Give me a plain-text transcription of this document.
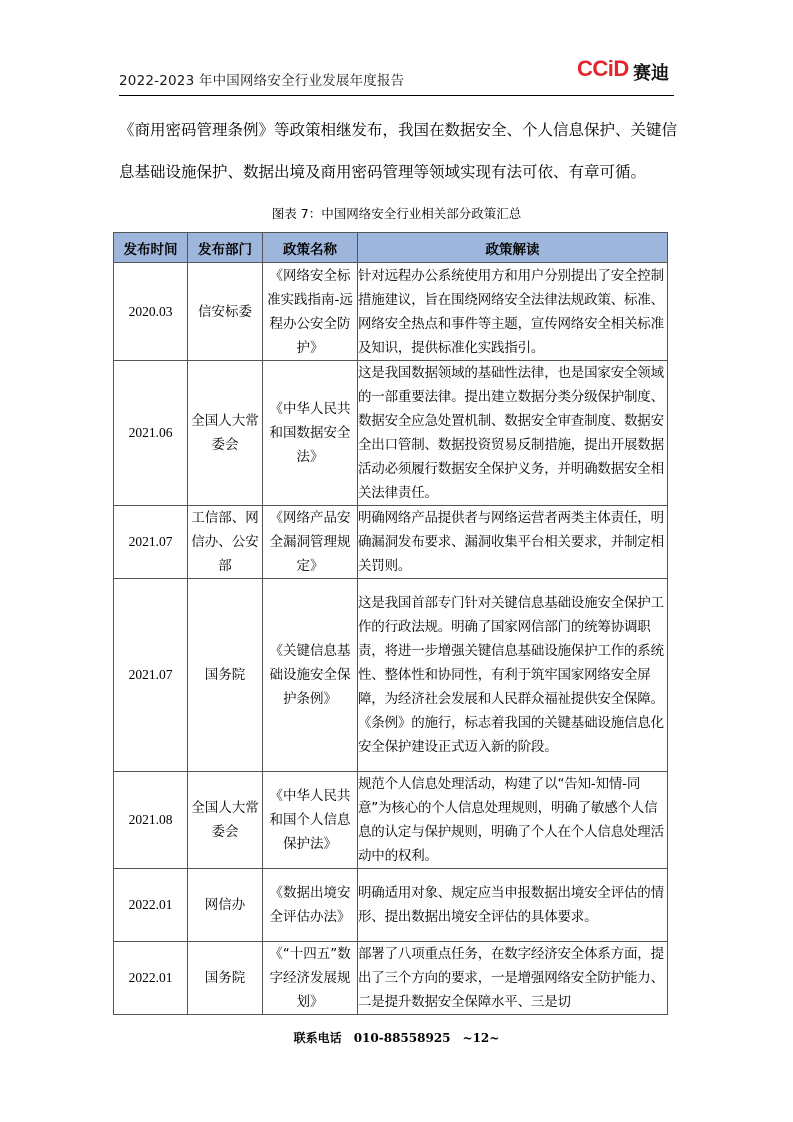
2022-2023 年中国网络安全行业发展年度报告	CCiD 赛迪
《商用密码管理条例》等政策相继发布，我国在数据安全、个人信息保护、关键信
息基础设施保护、数据出境及商用密码管理等领域实现有法可依、有章可循。
图表 7：中国网络安全行业相关部分政策汇总
发布时间	发布部门	政策名称	政策解读
2020.03	信安标委	《网络安全标准实践指南-远程办公安全防护》	针对远程办公系统使用方和用户分别提出了安全控制措施建议，旨在围绕网络安全法律法规政策、标准、网络安全热点和事件等主题，宣传网络安全相关标准及知识，提供标准化实践指引。
2021.06	全国人大常委会	《中华人民共和国数据安全法》	这是我国数据领域的基础性法律，也是国家安全领域的一部重要法律。提出建立数据分类分级保护制度、数据安全应急处置机制、数据安全审查制度、数据安全出口管制、数据投资贸易反制措施，提出开展数据活动必须履行数据安全保护义务，并明确数据安全相关法律责任。
2021.07	工信部、网信办、公安部	《网络产品安全漏洞管理规定》	明确网络产品提供者与网络运营者两类主体责任，明确漏洞发布要求、漏洞收集平台相关要求，并制定相关罚则。
2021.07	国务院	《关键信息基础设施安全保护条例》	这是我国首部专门针对关键信息基础设施安全保护工作的行政法规。明确了国家网信部门的统筹协调职责，将进一步增强关键信息基础设施保护工作的系统性、整体性和协同性，有利于筑牢国家网络安全屏障，为经济社会发展和人民群众福祉提供安全保障。《条例》的施行，标志着我国的关键基础设施信息化安全保护建设正式迈入新的阶段。
2021.08	全国人大常委会	《中华人民共和国个人信息保护法》	规范个人信息处理活动，构建了以“告知-知情-同意”为核心的个人信息处理规则，明确了敏感个人信息的认定与保护规则，明确了个人在个人信息处理活动中的权利。
2022.01	网信办	《数据出境安全评估办法》	明确适用对象、规定应当申报数据出境安全评估的情形、提出数据出境安全评估的具体要求。
2022.01	国务院	《“十四五”数字经济发展规划》	部署了八项重点任务，在数字经济安全体系方面，提出了三个方向的要求，一是增强网络安全防护能力、二是提升数据安全保障水平、三是切
联系电话 010-88558925 ~12~
